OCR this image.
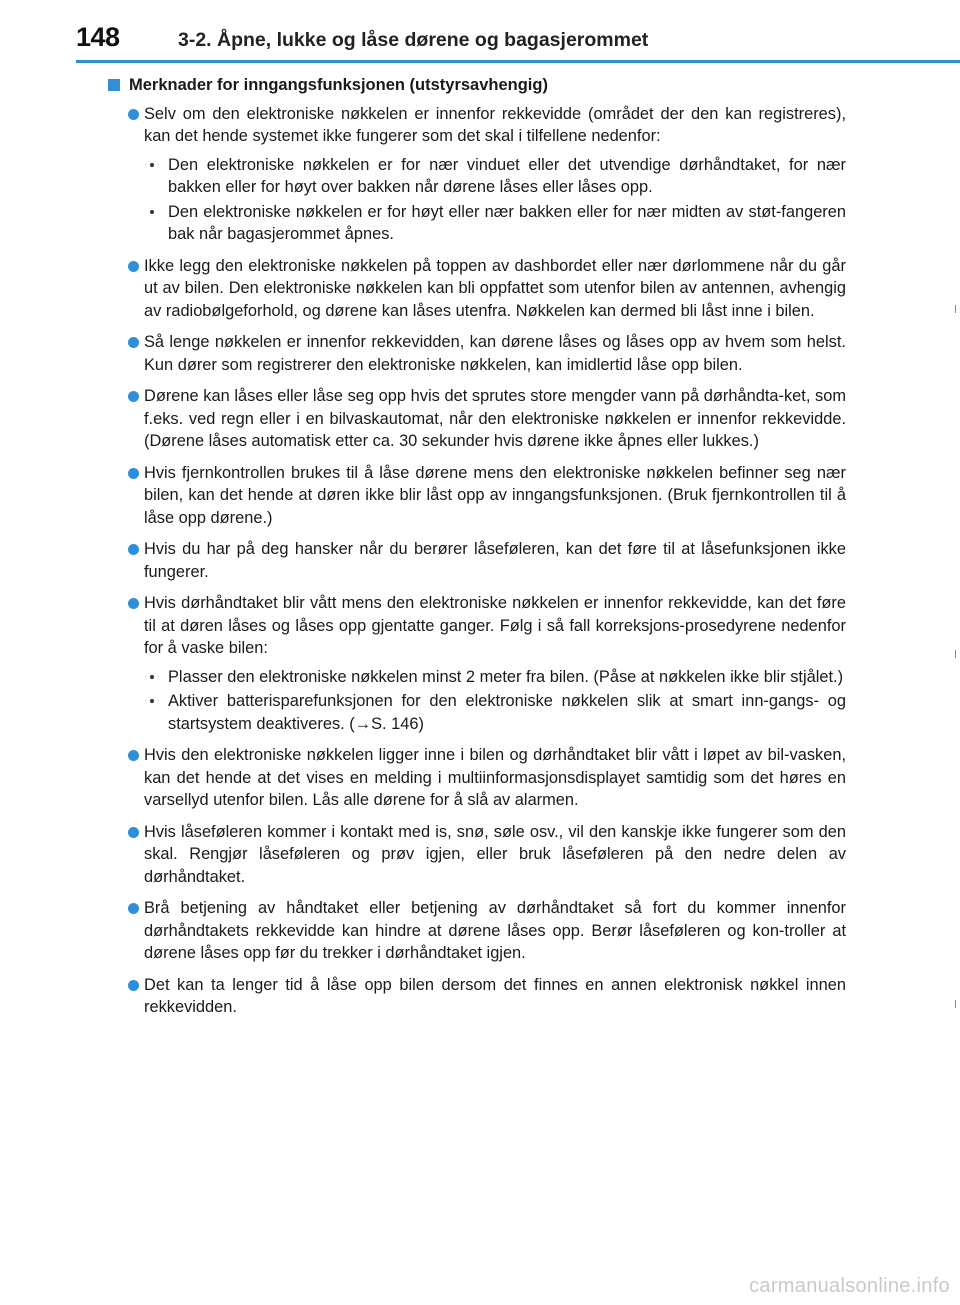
148	3-2. Åpne, lukke og låse dørene og bagasjerommet
Merknader for inngangsfunksjonen (utstyrsavhengig)
Selv om den elektroniske nøkkelen er innenfor rekkevidde (området der den kan registreres), kan det hende systemet ikke fungerer som det skal i tilfellene nedenfor:
Den elektroniske nøkkelen er for nær vinduet eller det utvendige dørhåndtaket, for nær bakken eller for høyt over bakken når dørene låses eller låses opp.
Den elektroniske nøkkelen er for høyt eller nær bakken eller for nær midten av støt-fangeren bak når bagasjerommet åpnes.
Ikke legg den elektroniske nøkkelen på toppen av dashbordet eller nær dørlommene når du går ut av bilen. Den elektroniske nøkkelen kan bli oppfattet som utenfor bilen av antennen, avhengig av radiobølgeforhold, og dørene kan låses utenfra. Nøkkelen kan dermed bli låst inne i bilen.
Så lenge nøkkelen er innenfor rekkevidden, kan dørene låses og låses opp av hvem som helst. Kun dører som registrerer den elektroniske nøkkelen, kan imidlertid låse opp bilen.
Dørene kan låses eller låse seg opp hvis det sprutes store mengder vann på dørhåndta-ket, som f.eks. ved regn eller i en bilvaskautomat, når den elektroniske nøkkelen er innenfor rekkevidde. (Dørene låses automatisk etter ca. 30 sekunder hvis dørene ikke åpnes eller lukkes.)
Hvis fjernkontrollen brukes til å låse dørene mens den elektroniske nøkkelen befinner seg nær bilen, kan det hende at døren ikke blir låst opp av inngangsfunksjonen. (Bruk fjernkontrollen til å låse opp dørene.)
Hvis du har på deg hansker når du berører låseføleren, kan det føre til at låsefunksjonen ikke fungerer.
Hvis dørhåndtaket blir vått mens den elektroniske nøkkelen er innenfor rekkevidde, kan det føre til at døren låses og låses opp gjentatte ganger. Følg i så fall korreksjons-prosedyrene nedenfor for å vaske bilen:
Plasser den elektroniske nøkkelen minst 2 meter fra bilen. (Påse at nøkkelen ikke blir stjålet.)
Aktiver batterisparefunksjonen for den elektroniske nøkkelen slik at smart inn-gangs- og startsystem deaktiveres. (→S. 146)
Hvis den elektroniske nøkkelen ligger inne i bilen og dørhåndtaket blir vått i løpet av bil-vasken, kan det hende at det vises en melding i multiinformasjonsdisplayet samtidig som det høres en varsellyd utenfor bilen. Lås alle dørene for å slå av alarmen.
Hvis låseføleren kommer i kontakt med is, snø, søle osv., vil den kanskje ikke fungerer som den skal. Rengjør låseføleren og prøv igjen, eller bruk låseføleren på den nedre delen av dørhåndtaket.
Brå betjening av håndtaket eller betjening av dørhåndtaket så fort du kommer innenfor dørhåndtakets rekkevidde kan hindre at dørene låses opp. Berør låseføleren og kon-troller at dørene låses opp før du trekker i dørhåndtaket igjen.
Det kan ta lenger tid å låse opp bilen dersom det finnes en annen elektronisk nøkkel innen rekkevidden.
carmanualsonline.info
